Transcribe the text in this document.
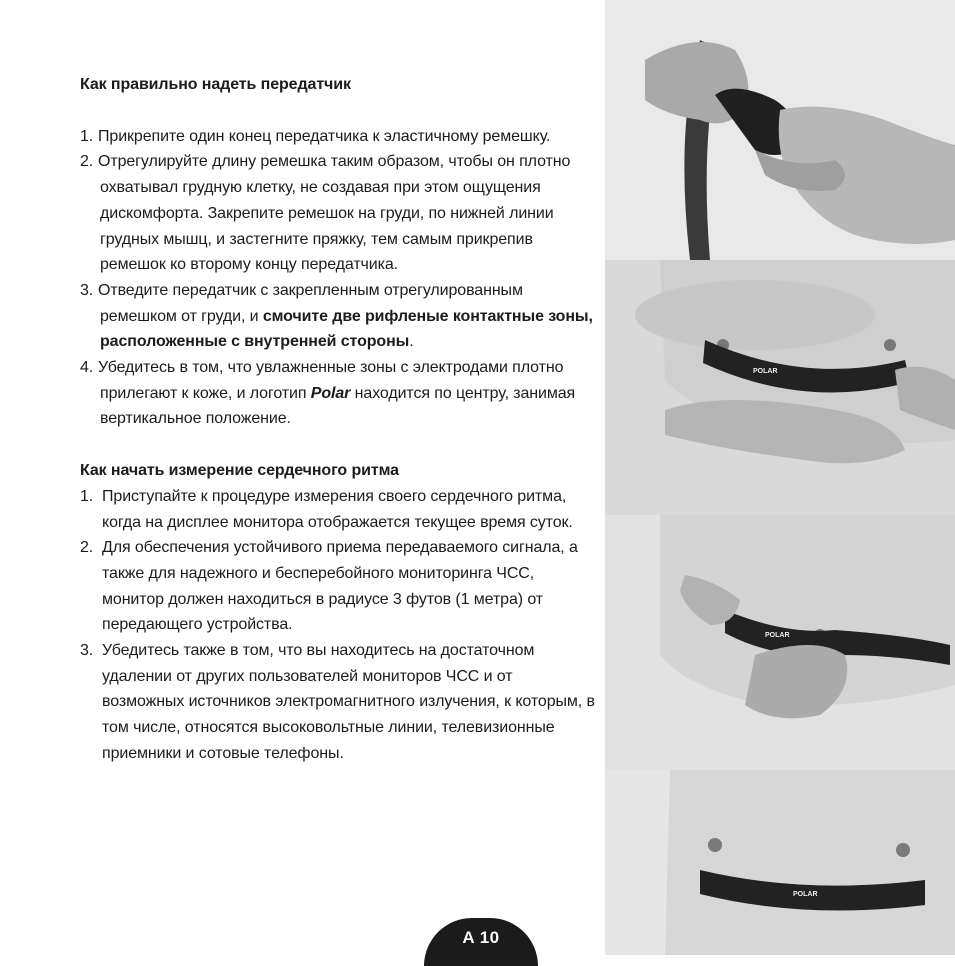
Как правильно надеть передатчик
1. Прикрепите один конец передатчика к эластичному ремешку.
2. Отрегулируйте длину ремешка таким образом, чтобы он плотно охватывал грудную клетку, не создавая при этом ощущения дискомфорта. Закрепите ремешок на груди, по нижней линии грудных мышц, и застегните пряжку, тем самым прикрепив ремешок ко второму концу передатчика.
3. Отведите передатчик с закрепленным отрегулированным ремешком от груди, и смочите две рифленые контактные зоны, расположенные с внутренней стороны.
4. Убедитесь в том, что увлажненные зоны с электродами плотно прилегают к коже, и логотип Polar находится по центру, занимая вертикальное положение.
Как начать измерение сердечного ритма
1. Приступайте к процедуре измерения своего сердечного ритма, когда на дисплее монитора отображается текущее время суток.
2. Для обеспечения устойчивого приема передаваемого сигнала, а также для надежного и бесперебойного мониторинга ЧСС, монитор должен находиться в радиусе 3 футов (1 метра) от передающего устройства.
3. Убедитесь также в том, что вы находитесь на достаточном удалении от других пользователей мониторов ЧСС и от возможных источников электромагнитного излучения, к которым, в том числе, относятся высоковольтные линии, телевизионные приемники и сотовые телефоны.
POLAR
POLAR
POLAR
A 10
